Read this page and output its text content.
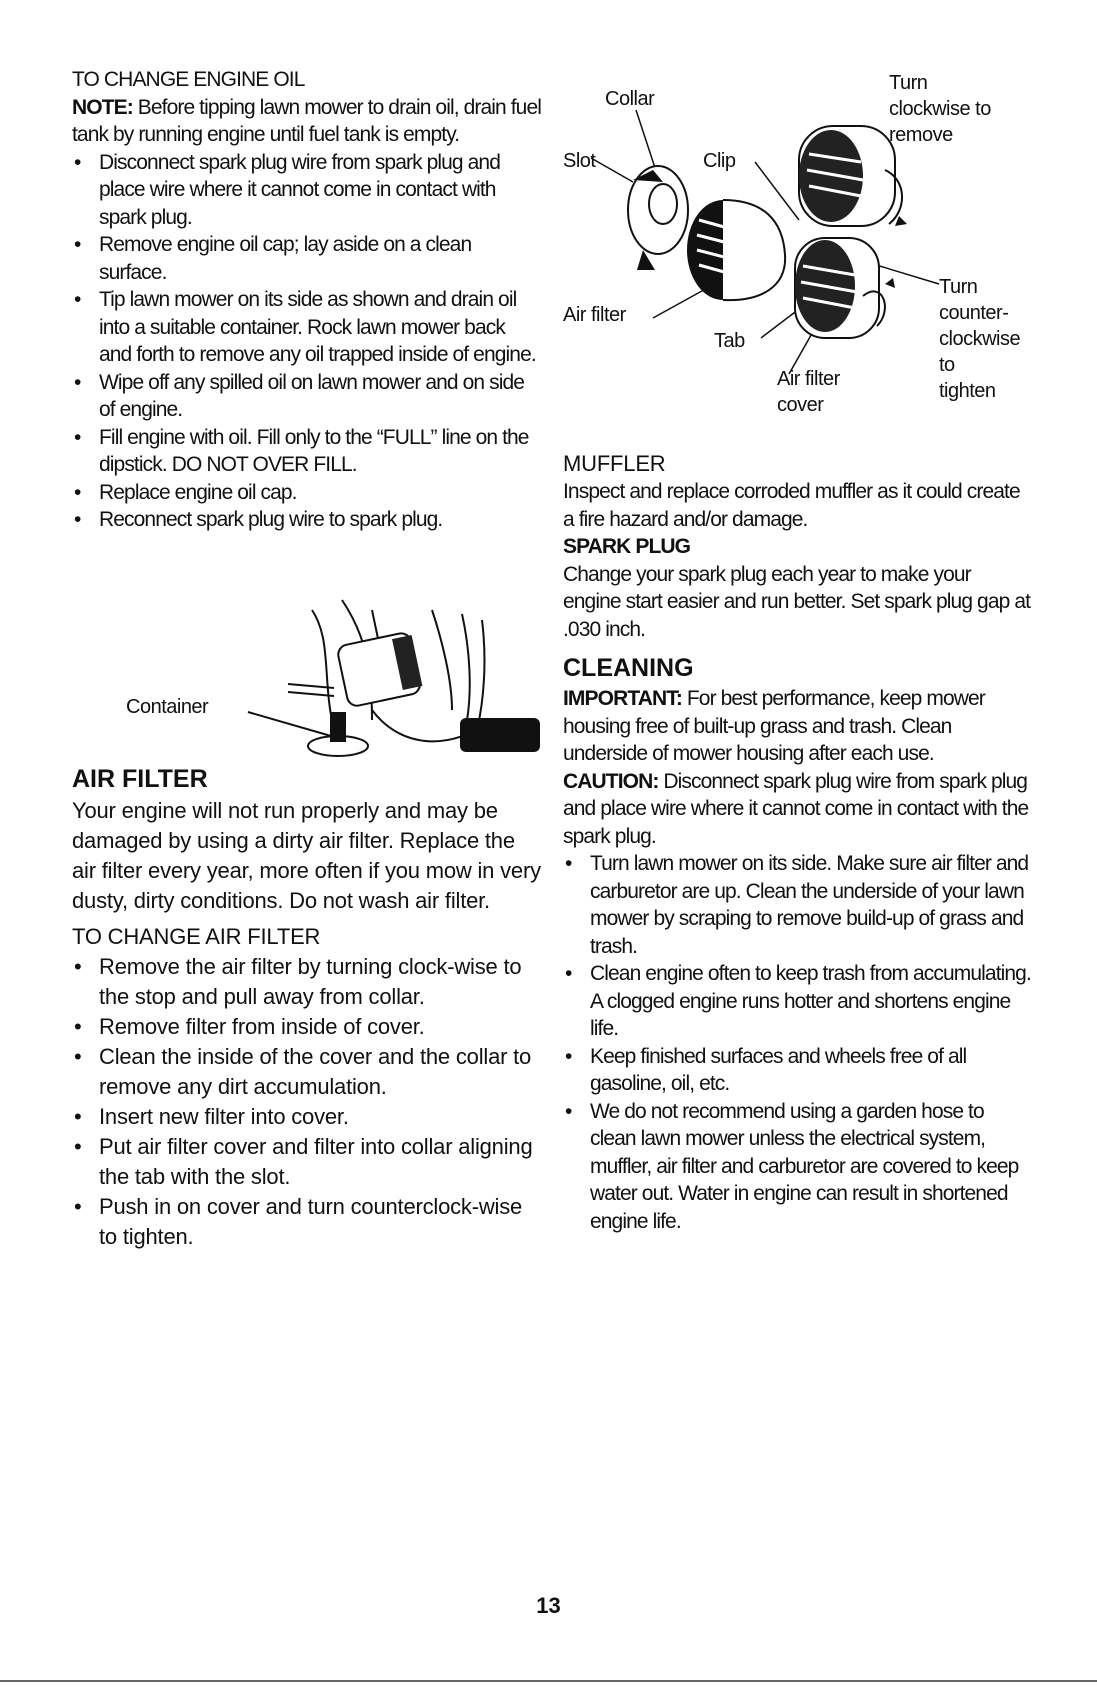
TO CHANGE ENGINE OIL

NOTE: Before tipping lawn mower to drain oil, drain fuel tank by running engine until fuel tank is empty.

• Disconnect spark plug wire from spark plug and place wire where it cannot come in contact with spark plug.
• Remove engine oil cap; lay aside on a clean surface.
• Tip lawn mower on its side as shown and drain oil into a suitable container. Rock lawn mower back and forth to remove any oil trapped inside of engine.
• Wipe off any spilled oil on lawn mower and on side of engine.
• Fill engine with oil. Fill only to the “FULL” line on the dipstick. DO NOT OVER FILL.
• Replace engine oil cap.
• Reconnect spark plug wire to spark plug.
Container

AIR FILTER

Your engine will not run properly and may be damaged by using a dirty air filter. Replace the air filter every year, more often if you mow in very dusty, dirty conditions. Do not wash air filter.

TO CHANGE AIR FILTER

• Remove the air filter by turning clock-wise to the stop and pull away from collar.
• Remove filter from inside of cover.
• Clean the inside of the cover and the collar to remove any dirt accumulation.
• Insert new filter into cover.
• Put air filter cover and filter into collar aligning the tab with the slot.
• Push in on cover and turn counterclock-wise to tighten.
Collar
Slot	Clip
Turn
clockwise to
remove
Turn
counter-
clockwise
to
tighten
Air filter
Tab
Air filter
cover

MUFFLER

Inspect and replace corroded muffler as it could create a fire hazard and/or damage.

SPARK PLUG

Change your spark plug each year to make your engine start easier and run better. Set spark plug gap at .030 inch.

CLEANING

IMPORTANT: For best performance, keep mower housing free of built-up grass and trash. Clean underside of mower housing after each use.

CAUTION: Disconnect spark plug wire from spark plug and place wire where it cannot come in contact with the spark plug.

• Turn lawn mower on its side. Make sure air filter and carburetor are up. Clean the underside of your lawn mower by scraping to remove build-up of grass and trash.
• Clean engine often to keep trash from accumulating. A clogged engine runs hotter and shortens engine life.
• Keep finished surfaces and wheels free of all gasoline, oil, etc.
• We do not recommend using a garden hose to clean lawn mower unless the electrical system, muffler, air filter and carburetor are covered to keep water out. Water in engine can result in shortened engine life.
13
